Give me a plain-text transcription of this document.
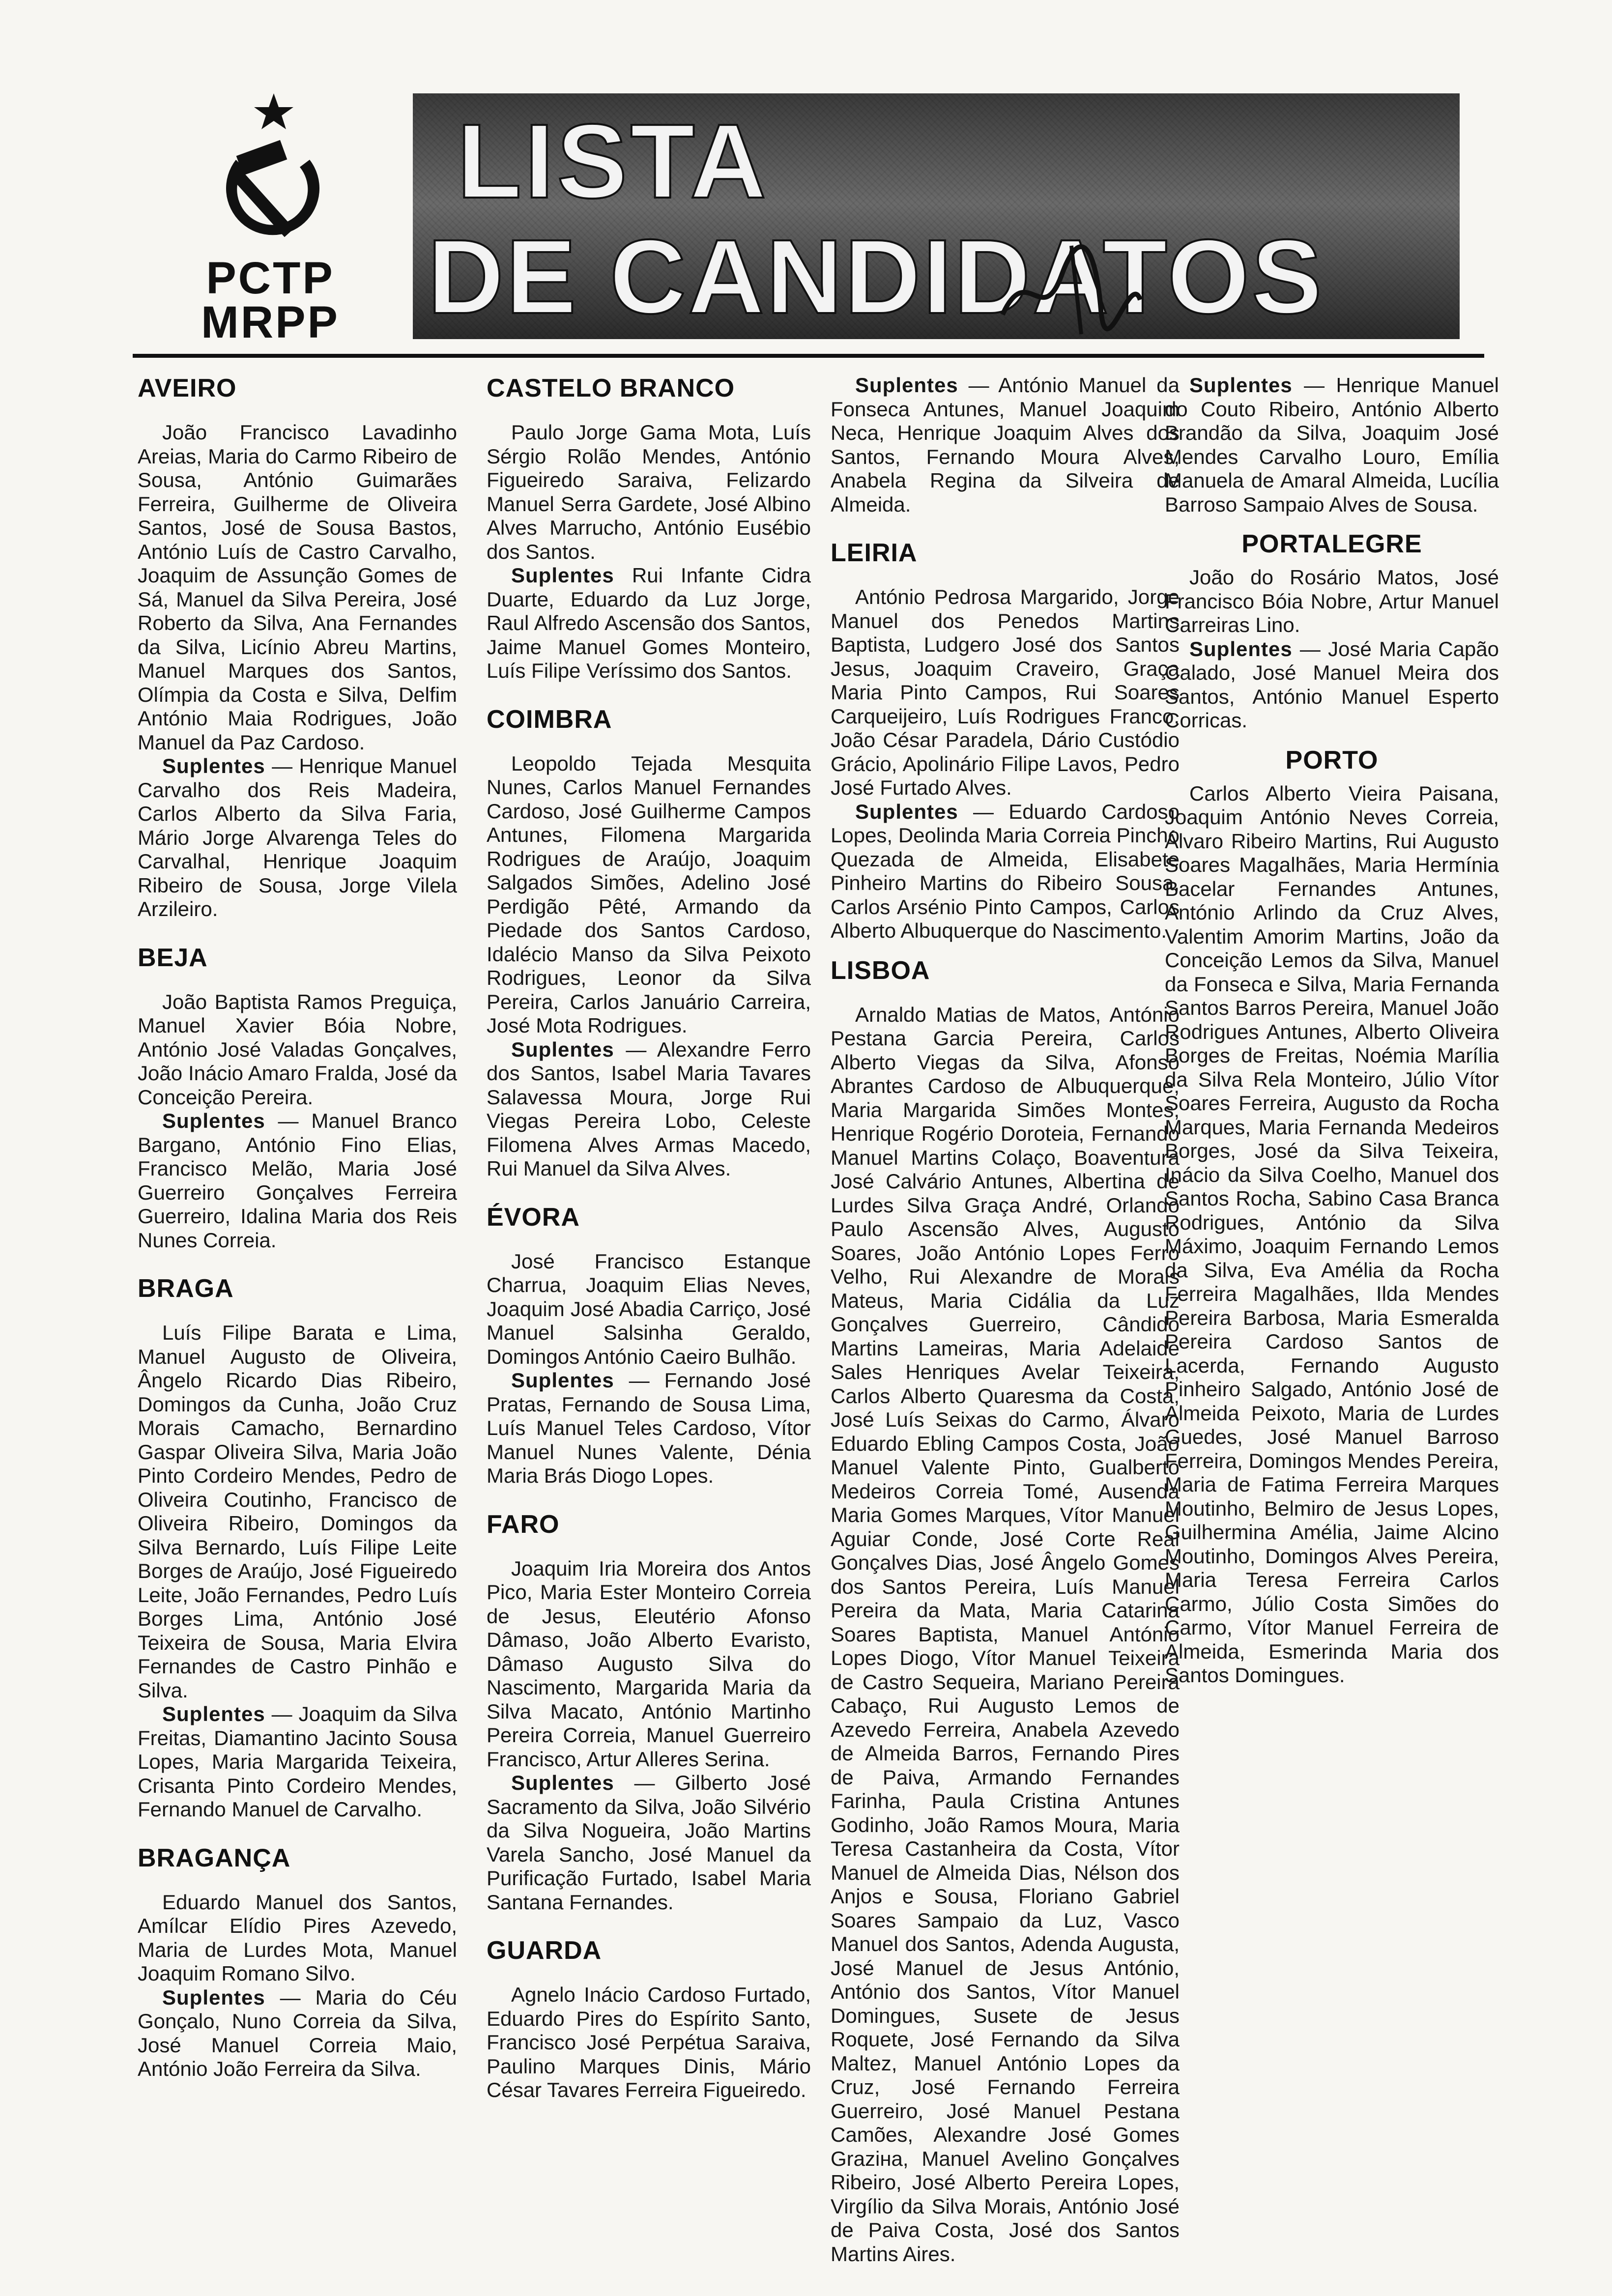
PCTP
MRPP
LISTA
DE CANDIDATOS
AVEIRO

João Francisco Lavadinho Areias, Maria do Carmo Ribeiro de Sousa, António Guimarães Ferreira, Guilherme de Oliveira Santos, José de Sousa Bastos, António Luís de Castro Carvalho, Joaquim de Assunção Gomes de Sá, Manuel da Silva Pereira, José Roberto da Silva, Ana Fernandes da Silva, Licínio Abreu Martins, Manuel Marques dos Santos, Olímpia da Costa e Silva, Delfim António Maia Rodrigues, João Manuel da Paz Cardoso.

Suplentes — Henrique Manuel Carvalho dos Reis Madeira, Carlos Alberto da Silva Faria, Mário Jorge Alvarenga Teles do Carvalhal, Henrique Joaquim Ribeiro de Sousa, Jorge Vilela Arzileiro.

BEJA

João Baptista Ramos Preguiça, Manuel Xavier Bóia Nobre, António José Valadas Gonçalves, João Inácio Amaro Fralda, José da Conceição Pereira.

Suplentes — Manuel Branco Bargano, António Fino Elias, Francisco Melão, Maria José Guerreiro Gonçalves Ferreira Guerreiro, Idalina Maria dos Reis Nunes Correia.

BRAGA

Luís Filipe Barata e Lima, Manuel Augusto de Oliveira, Ângelo Ricardo Dias Ribeiro, Domingos da Cunha, João Cruz Morais Camacho, Bernardino Gaspar Oliveira Silva, Maria João Pinto Cordeiro Mendes, Pedro de Oliveira Coutinho, Francisco de Oliveira Ribeiro, Domingos da Silva Bernardo, Luís Filipe Leite Borges de Araújo, José Figueiredo Leite, João Fernandes, Pedro Luís Borges Lima, António José Teixeira de Sousa, Maria Elvira Fernandes de Castro Pinhão e Silva.

Suplentes — Joaquim da Silva Freitas, Diamantino Jacinto Sousa Lopes, Maria Margarida Teixeira, Crisanta Pinto Cordeiro Mendes, Fernando Manuel de Carvalho.

BRAGANÇA

Eduardo Manuel dos Santos, Amílcar Elídio Pires Azevedo, Maria de Lurdes Mota, Manuel Joaquim Romano Silvo.

Suplentes — Maria do Céu Gonçalo, Nuno Correia da Silva, José Manuel Correia Maio, António João Ferreira da Silva.

CASTELO BRANCO

Paulo Jorge Gama Mota, Luís Sérgio Rolão Mendes, António Figueiredo Saraiva, Felizardo Manuel Serra Gardete, José Albino Alves Marrucho, António Eusébio dos Santos.

Suplentes Rui Infante Cidra Duarte, Eduardo da Luz Jorge, Raul Alfredo Ascensão dos Santos, Jaime Manuel Gomes Monteiro, Luís Filipe Veríssimo dos Santos.

COIMBRA

Leopoldo Tejada Mesquita Nunes, Carlos Manuel Fernandes Cardoso, José Guilherme Campos Antunes, Filomena Margarida Rodrigues de Araújo, Joaquim Salgados Simões, Adelino José Perdigão Pêté, Armando da Piedade dos Santos Cardoso, Idalécio Manso da Silva Peixoto Rodrigues, Leonor da Silva Pereira, Carlos Januário Carreira, José Mota Rodrigues.

Suplentes — Alexandre Ferro dos Santos, Isabel Maria Tavares Salavessa Moura, Jorge Rui Viegas Pereira Lobo, Celeste Filomena Alves Armas Macedo, Rui Manuel da Silva Alves.

ÉVORA

José Francisco Estanque Charrua, Joaquim Elias Neves, Joaquim José Abadia Carriço, José Manuel Salsinha Geraldo, Domingos António Caeiro Bulhão.

Suplentes — Fernando José Pratas, Fernando de Sousa Lima, Luís Manuel Teles Cardoso, Vítor Manuel Nunes Valente, Dénia Maria Brás Diogo Lopes.

FARO

Joaquim Iria Moreira dos Antos Pico, Maria Ester Monteiro Correia de Jesus, Eleutério Afonso Dâmaso, João Alberto Evaristo, Dâmaso Augusto Silva do Nascimento, Margarida Maria da Silva Macato, António Martinho Pereira Correia, Manuel Guerreiro Francisco, Artur Alleres Serina.

Suplentes — Gilberto José Sacramento da Silva, João Silvério da Silva Nogueira, João Martins Varela Sancho, José Manuel da Purificação Furtado, Isabel Maria Santana Fernandes.

GUARDA

Agnelo Inácio Cardoso Furtado, Eduardo Pires do Espírito Santo, Francisco José Perpétua Saraiva, Paulino Marques Dinis, Mário César Tavares Ferreira Figueiredo.

Suplentes — António Manuel da Fonseca Antunes, Manuel Joaquim Neca, Henrique Joaquim Alves dos Santos, Fernando Moura Alves, Anabela Regina da Silveira de Almeida.

LEIRIA

António Pedrosa Margarido, Jorge Manuel dos Penedos Martins Baptista, Ludgero José dos Santos Jesus, Joaquim Craveiro, Graça Maria Pinto Campos, Rui Soares Carqueijeiro, Luís Rodrigues Franco, João César Paradela, Dário Custódio Grácio, Apolinário Filipe Lavos, Pedro José Furtado Alves.

Suplentes — Eduardo Cardoso Lopes, Deolinda Maria Correia Pincho Quezada de Almeida, Elisabete Pinheiro Martins do Ribeiro Sousa, Carlos Arsénio Pinto Campos, Carlos Alberto Albuquerque do Nascimento.

LISBOA

Arnaldo Matias de Matos, António Pestana Garcia Pereira, Carlos Alberto Viegas da Silva, Afonso Abrantes Cardoso de Albuquerque, Maria Margarida Simões Montes, Henrique Rogério Doroteia, Fernando Manuel Martins Colaço, Boaventura José Calvário Antunes, Albertina de Lurdes Silva Graça André, Orlando Paulo Ascensão Alves, Augusto Soares, João António Lopes Ferro Velho, Rui Alexandre de Morais Mateus, Maria Cidália da Luz Gonçalves Guerreiro, Cândido Martins Lameiras, Maria Adelaide Sales Henriques Avelar Teixeira, Carlos Alberto Quaresma da Costa, José Luís Seixas do Carmo, Álvaro Eduardo Ebling Campos Costa, João Manuel Valente Pinto, Gualberto Medeiros Correia Tomé, Ausenda Maria Gomes Marques, Vítor Manuel Aguiar Conde, José Corte Real Gonçalves Dias, José Ângelo Gomes dos Santos Pereira, Luís Manuel Pereira da Mata, Maria Catarina Soares Baptista, Manuel António Lopes Diogo, Vítor Manuel Teixeira de Castro Sequeira, Mariano Pereira Cabaço, Rui Augusto Lemos de Azevedo Ferreira, Anabela Azevedo de Almeida Barros, Fernando Pires de Paiva, Armando Fernandes Farinha, Paula Cristina Antunes Godinho, João Ramos Moura, Maria Teresa Castanheira da Costa, Vítor Manuel de Almeida Dias, Nélson dos Anjos e Sousa, Floriano Gabriel Soares Sampaio da Luz, Vasco Manuel dos Santos, Adenda Augusta, José Manuel de Jesus António, António dos Santos, Vítor Manuel Domingues, Susete de Jesus Roquete, José Fernando da Silva Maltez, Manuel António Lopes da Cruz, José Fernando Ferreira Guerreiro, José Manuel Pestana Camões, Alexandre José Gomes Graziна, Manuel Avelino Gonçalves Ribeiro, José Alberto Pereira Lopes, Virgílio da Silva Morais, António José de Paiva Costa, José dos Santos Martins Aires.

Suplentes — Henrique Manuel do Couto Ribeiro, António Alberto Brandão da Silva, Joaquim José Mendes Carvalho Louro, Emília Manuela de Amaral Almeida, Lucília Barroso Sampaio Alves de Sousa.

PORTALEGRE

João do Rosário Matos, José Francisco Bóia Nobre, Artur Manuel Carreiras Lino.

Suplentes — José Maria Capão Calado, José Manuel Meira dos Santos, António Manuel Esperto Corricas.

PORTO

Carlos Alberto Vieira Paisana, Joaquim António Neves Correia, Álvaro Ribeiro Martins, Rui Augusto Soares Magalhães, Maria Hermínia Bacelar Fernandes Antunes, António Arlindo da Cruz Alves, Valentim Amorim Martins, João da Conceição Lemos da Silva, Manuel da Fonseca e Silva, Maria Fernanda Santos Barros Pereira, Manuel João Rodrigues Antunes, Alberto Oliveira Borges de Freitas, Noémia Marília da Silva Rela Monteiro, Júlio Vítor Soares Ferreira, Augusto da Rocha Marques, Maria Fernanda Medeiros Borges, José da Silva Teixeira, Inácio da Silva Coelho, Manuel dos Santos Rocha, Sabino Casa Branca Rodrigues, António da Silva Máximo, Joaquim Fernando Lemos da Silva, Eva Amélia da Rocha Ferreira Magalhães, Ilda Mendes Pereira Barbosa, Maria Esmeralda Pereira Cardoso Santos de Lacerda, Fernando Augusto Pinheiro Salgado, António José de Almeida Peixoto, Maria de Lurdes Guedes, José Manuel Barroso Ferreira, Domingos Mendes Pereira, Maria de Fatima Ferreira Marques Moutinho, Belmiro de Jesus Lopes, Guilhermina Amélia, Jaime Alcino Moutinho, Domingos Alves Pereira, Maria Teresa Ferreira Carlos Carmo, Júlio Costa Simões do Carmo, Vítor Manuel Ferreira de Almeida, Esmerinda Maria dos Santos Domingues.
